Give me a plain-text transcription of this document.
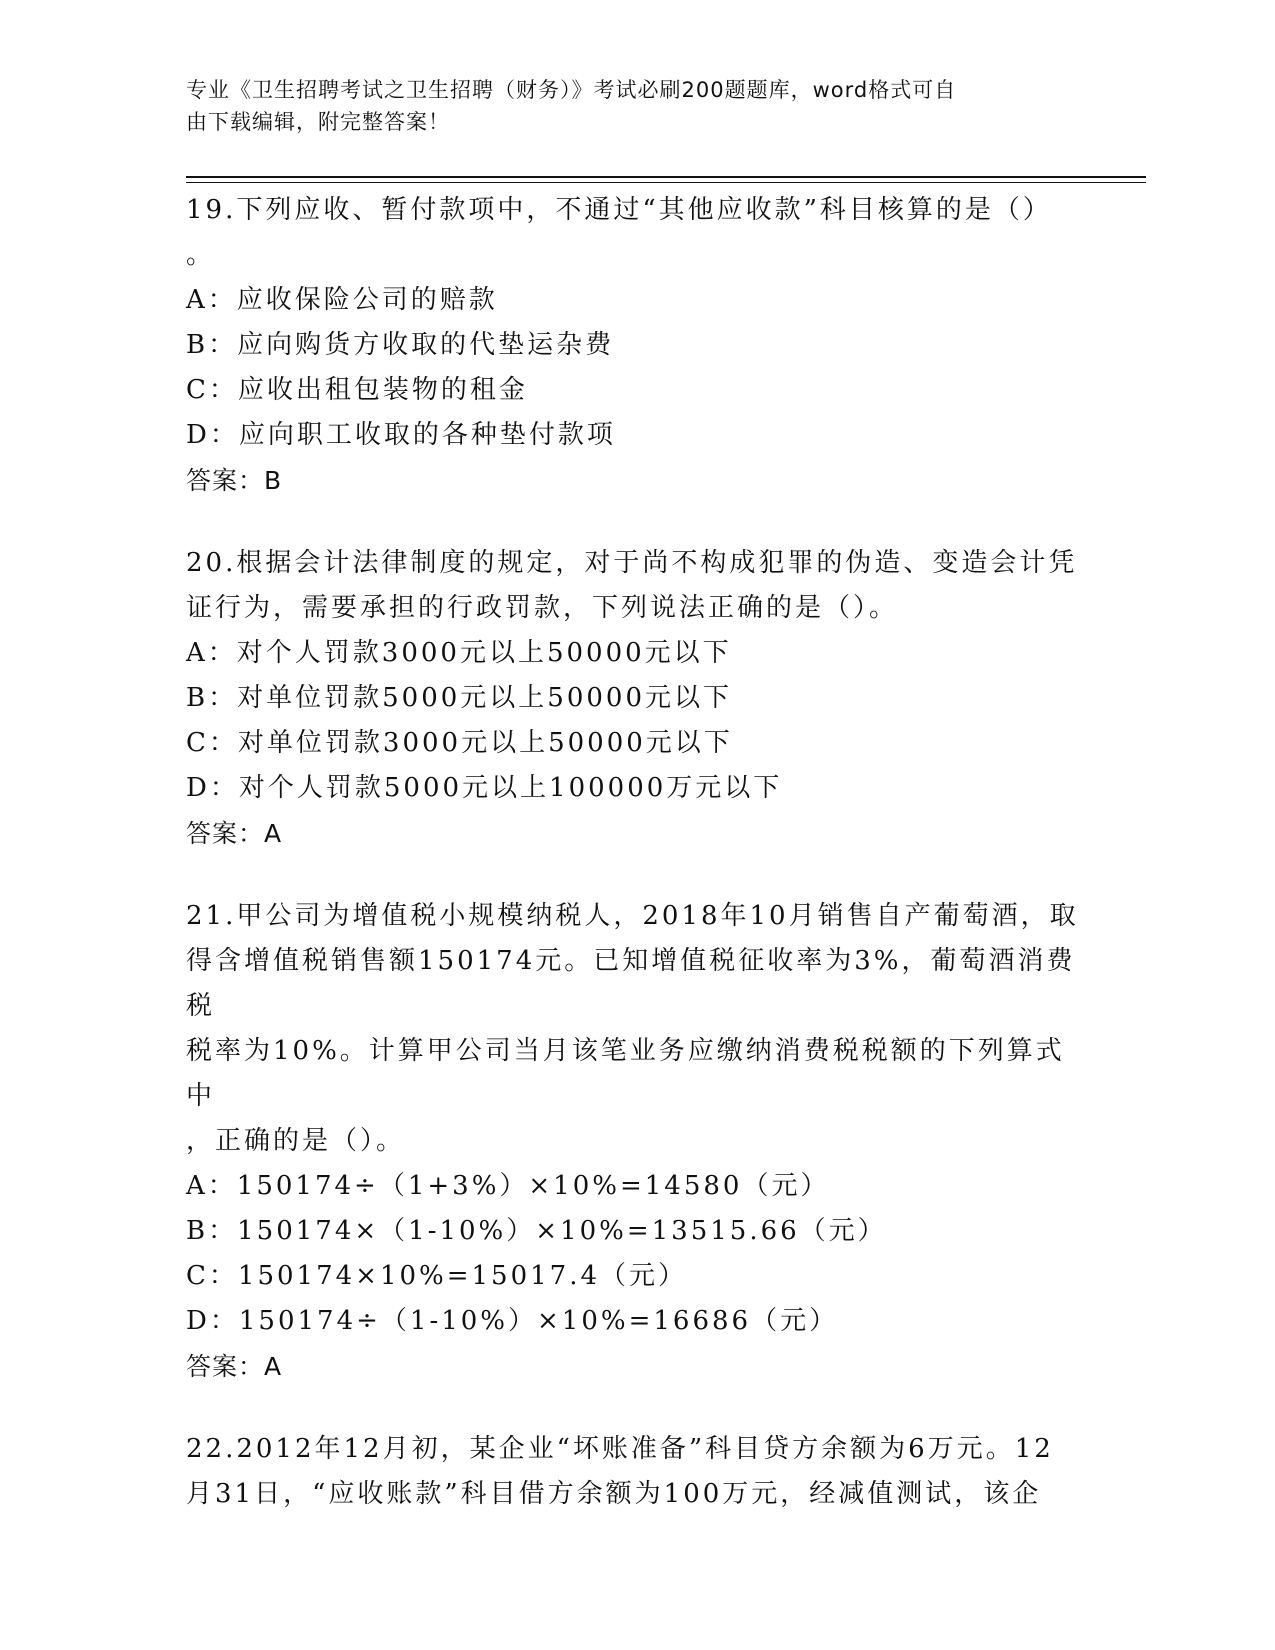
专业《卫生招聘考试之卫生招聘（财务）》考试必刷200题题库，word格式可自
由下载编辑，附完整答案！
19.下列应收、暂付款项中，不通过“其他应收款”科目核算的是（）
。
A：应收保险公司的赔款
B：应向购货方收取的代垫运杂费
C：应收出租包装物的租金
D：应向职工收取的各种垫付款项
答案：B
20.根据会计法律制度的规定，对于尚不构成犯罪的伪造、变造会计凭
证行为，需要承担的行政罚款，下列说法正确的是（）。
A：对个人罚款3000元以上50000元以下
B：对单位罚款5000元以上50000元以下
C：对单位罚款3000元以上50000元以下
D：对个人罚款5000元以上100000万元以下
答案：A
21.甲公司为增值税小规模纳税人，2018年10月销售自产葡萄酒，取
得含增值税销售额150174元。已知增值税征收率为3%，葡萄酒消费税
税率为10%。计算甲公司当月该笔业务应缴纳消费税税额的下列算式中
，正确的是（）。
A：150174÷（1+3%）×10%=14580（元）
B：150174×（1-10%）×10%=13515.66（元）
C：150174×10%=15017.4（元）
D：150174÷（1-10%）×10%=16686（元）
答案：A
22.2012年12月初，某企业“坏账准备”科目贷方余额为6万元。12
月31日，“应收账款”科目借方余额为100万元，经减值测试，该企
